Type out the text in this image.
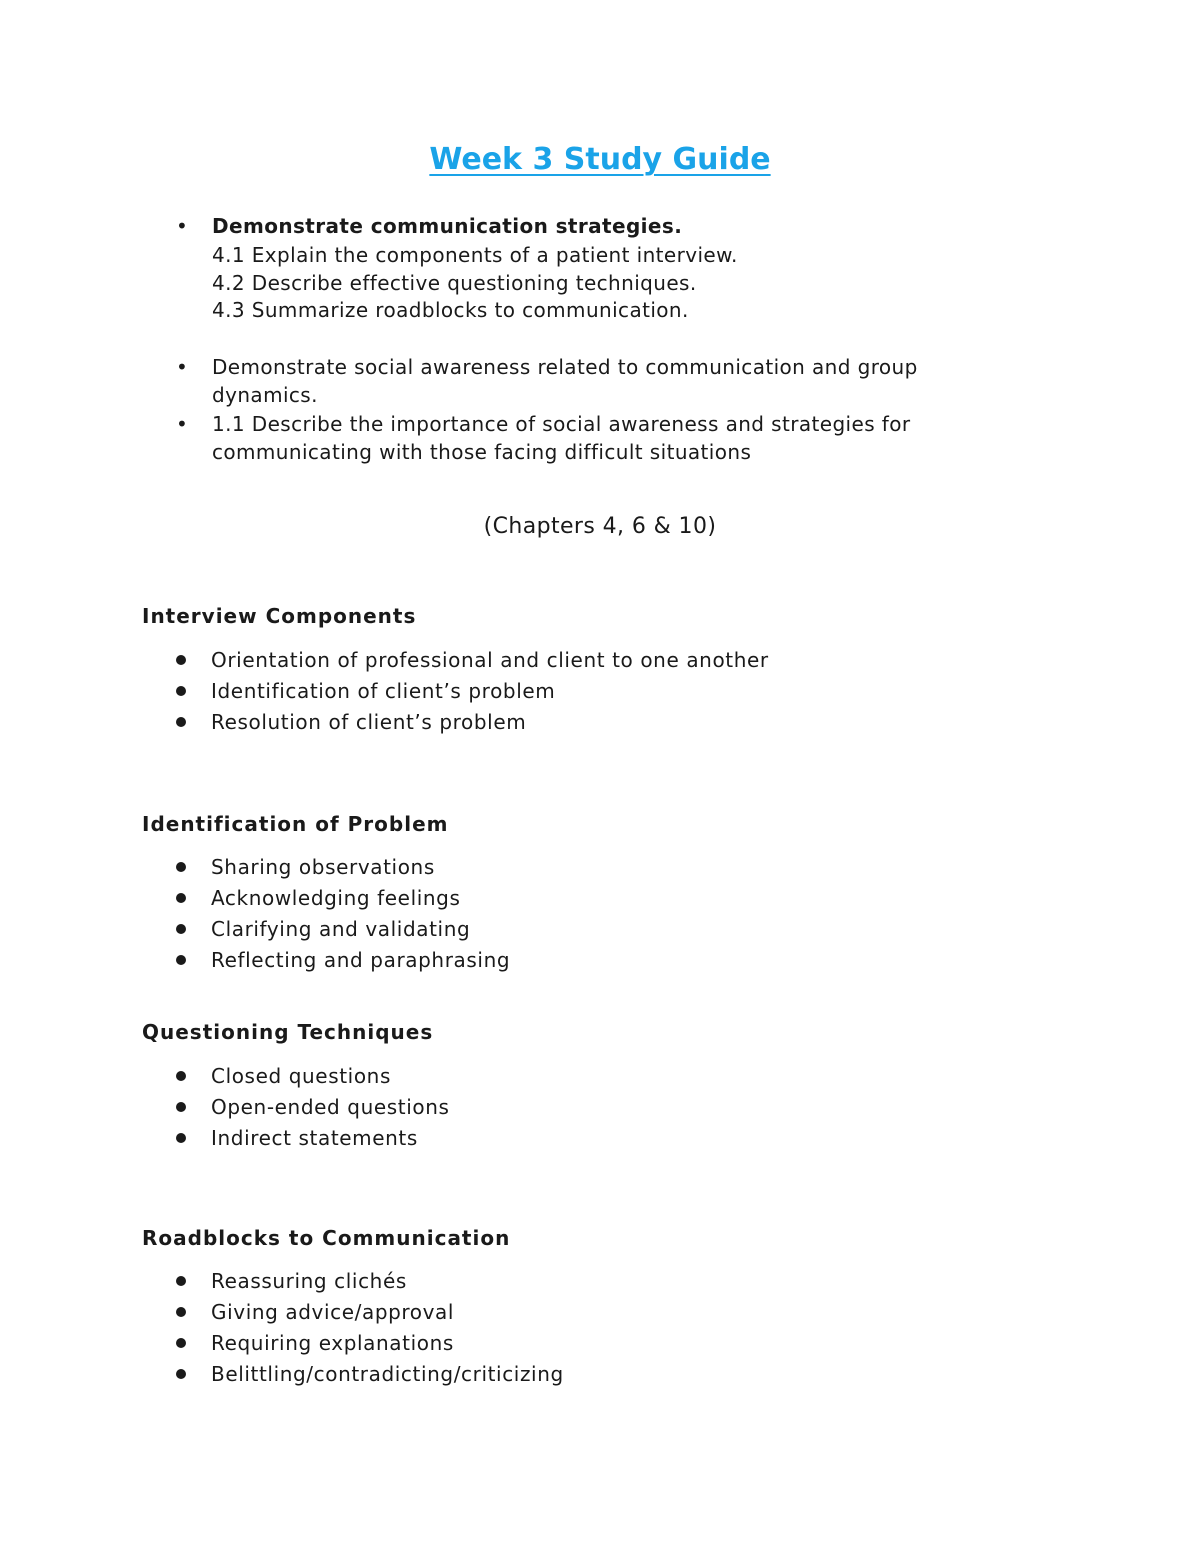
Week 3 Study Guide
• Demonstrate communication strategies.
4.1 Explain the components of a patient interview.
4.2 Describe effective questioning techniques.
4.3 Summarize roadblocks to communication.
• Demonstrate social awareness related to communication and group dynamics.
• 1.1 Describe the importance of social awareness and strategies for communicating with those facing difficult situations
(Chapters 4, 6 & 10)
Interview Components
Orientation of professional and client to one another
Identification of client’s problem
Resolution of client’s problem
Identification of Problem
Sharing observations
Acknowledging feelings
Clarifying and validating
Reflecting and paraphrasing
Questioning Techniques
Closed questions
Open-ended questions
Indirect statements
Roadblocks to Communication
Reassuring clichés
Giving advice/approval
Requiring explanations
Belittling/contradicting/criticizing
